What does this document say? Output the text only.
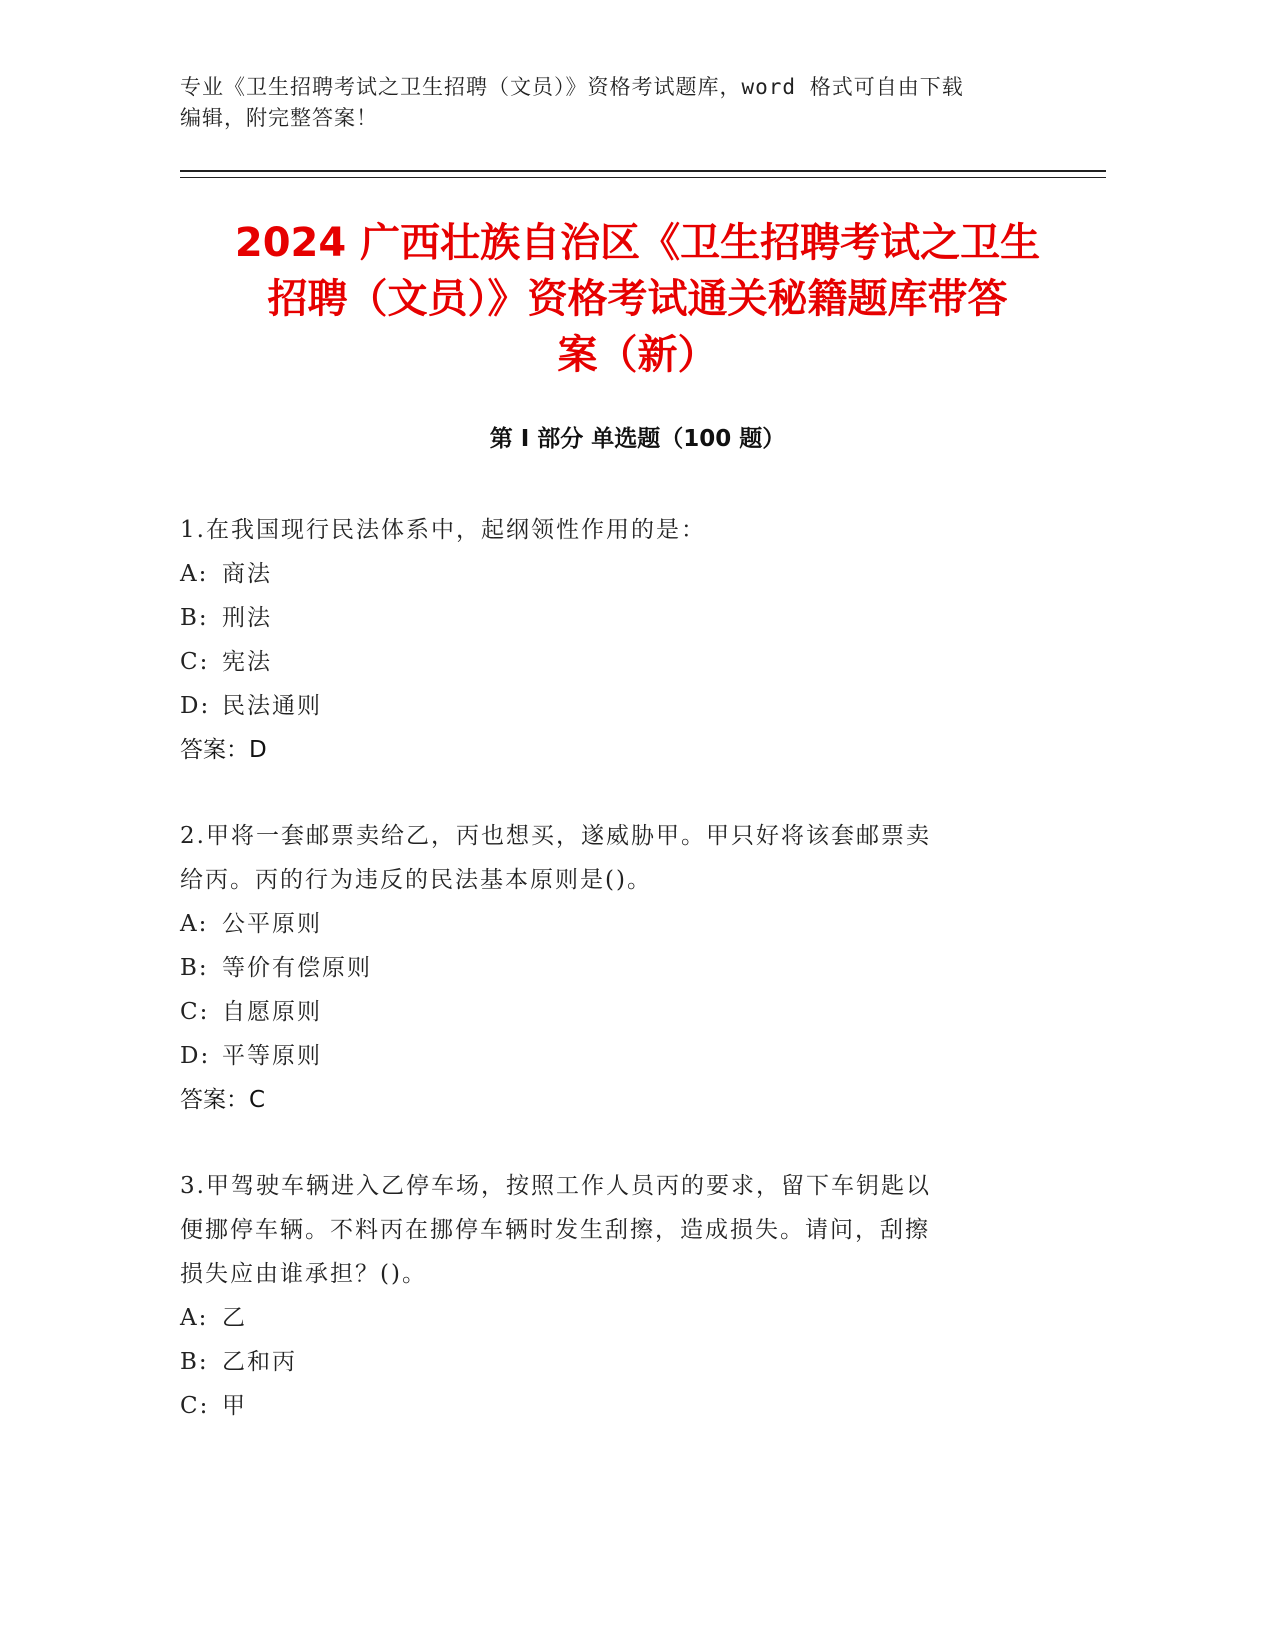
专业《卫生招聘考试之卫生招聘（文员）》资格考试题库，word 格式可自由下载
编辑，附完整答案！
2024 广西壮族自治区《卫生招聘考试之卫生
招聘（文员）》资格考试通关秘籍题库带答
案（新）
第 I 部分 单选题（100 题）

1.在我国现行民法体系中，起纲领性作用的是：

A: 商法

B: 刑法

C: 宪法

D: 民法通则

答案：D

2.甲将一套邮票卖给乙，丙也想买，遂威胁甲。甲只好将该套邮票卖

给丙。丙的行为违反的民法基本原则是()。

A: 公平原则

B: 等价有偿原则

C: 自愿原则

D: 平等原则

答案：C

3.甲驾驶车辆进入乙停车场，按照工作人员丙的要求，留下车钥匙以

便挪停车辆。不料丙在挪停车辆时发生刮擦，造成损失。请问，刮擦

损失应由谁承担？()。

A: 乙

B: 乙和丙

C: 甲
